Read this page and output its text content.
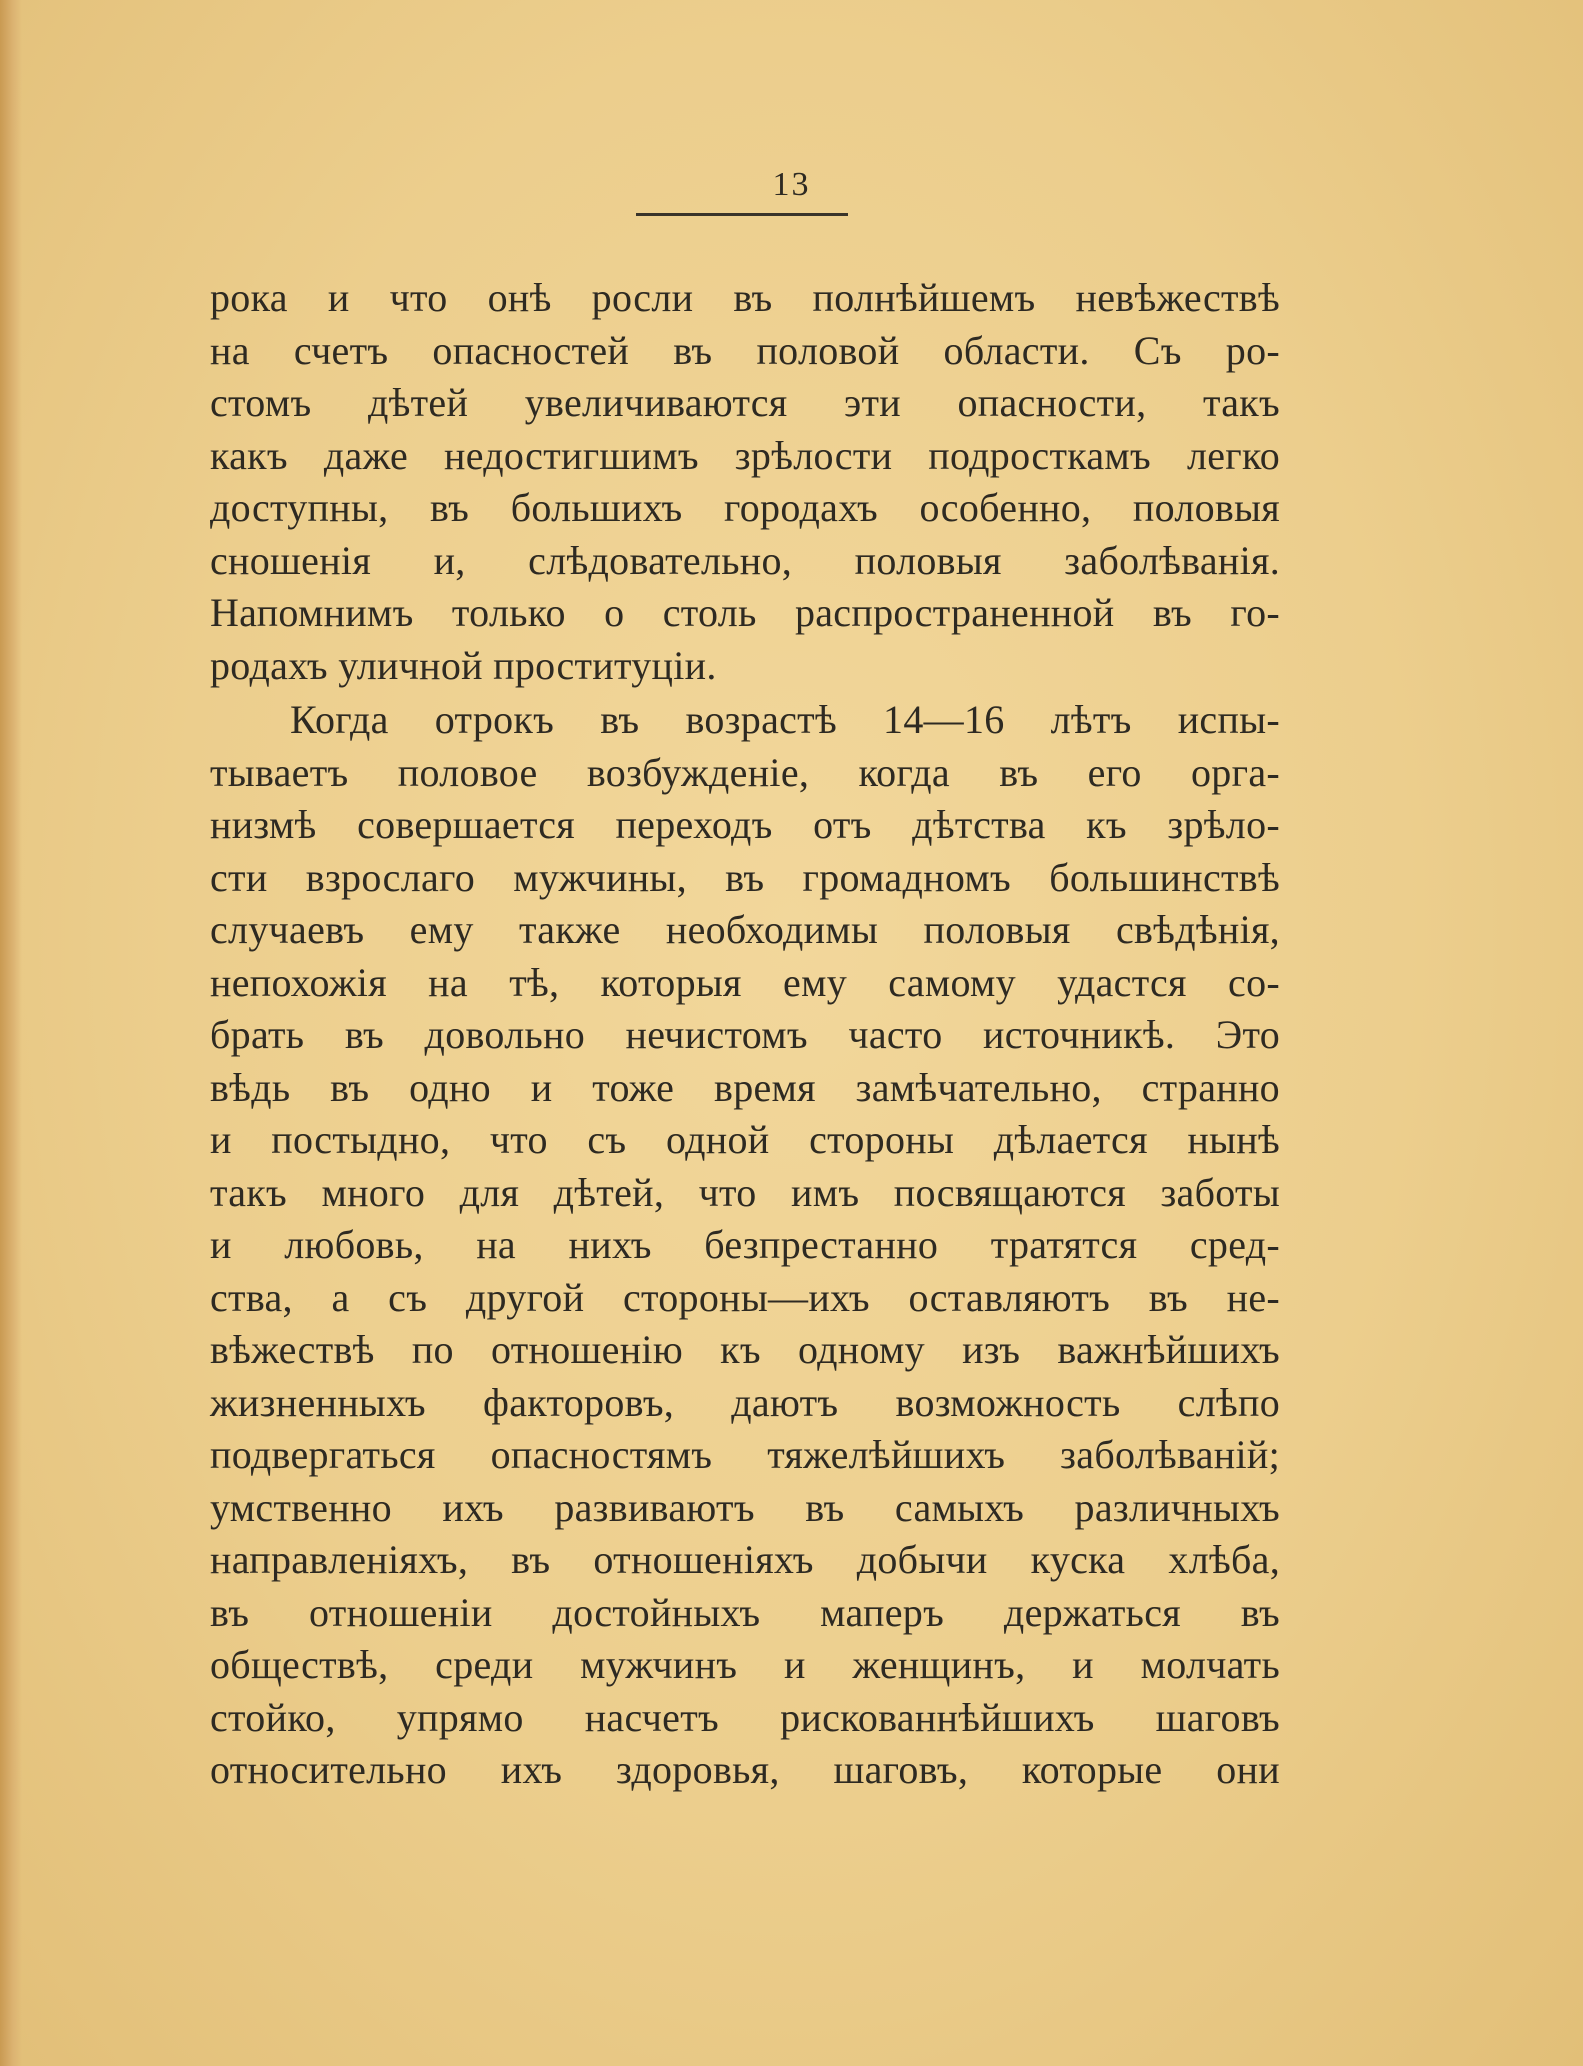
13
рока и что онѣ росли въ полнѣйшемъ невѣжествѣ
на счетъ опасностей въ половой области. Съ ро-
стомъ дѣтей увеличиваются эти опасности, такъ
какъ даже недостигшимъ зрѣлости подросткамъ легко
доступны, въ большихъ городахъ особенно, половыя
сношенія и, слѣдовательно, половыя заболѣванія.
Напомнимъ только о столь распространенной въ го-
родахъ уличной проституціи.
Когда отрокъ въ возрастѣ 14—16 лѣтъ испы-
тываетъ половое возбужденіе, когда въ его орга-
низмѣ совершается переходъ отъ дѣтства къ зрѣло-
сти взрослаго мужчины, въ громадномъ большинствѣ
случаевъ ему также необходимы половыя свѣдѣнія,
непохожія на тѣ, которыя ему самому удастся со-
брать въ довольно нечистомъ часто источникѣ. Это
вѣдь въ одно и тоже время замѣчательно, странно
и постыдно, что съ одной стороны дѣлается нынѣ
такъ много для дѣтей, что имъ посвящаются заботы
и любовь, на нихъ безпрестанно тратятся сред-
ства, а съ другой стороны—ихъ оставляютъ въ не-
вѣжествѣ по отношенію къ одному изъ важнѣйшихъ
жизненныхъ факторовъ, даютъ возможность слѣпо
подвергаться опасностямъ тяжелѣйшихъ заболѣваній;
умственно ихъ развиваютъ въ самыхъ различныхъ
направленіяхъ, въ отношеніяхъ добычи куска хлѣба,
въ отношеніи достойныхъ маперъ держаться въ
обществѣ, среди мужчинъ и женщинъ, и молчать
стойко, упрямо насчетъ рискованнѣйшихъ шаговъ
относительно ихъ здоровья, шаговъ, которые они
